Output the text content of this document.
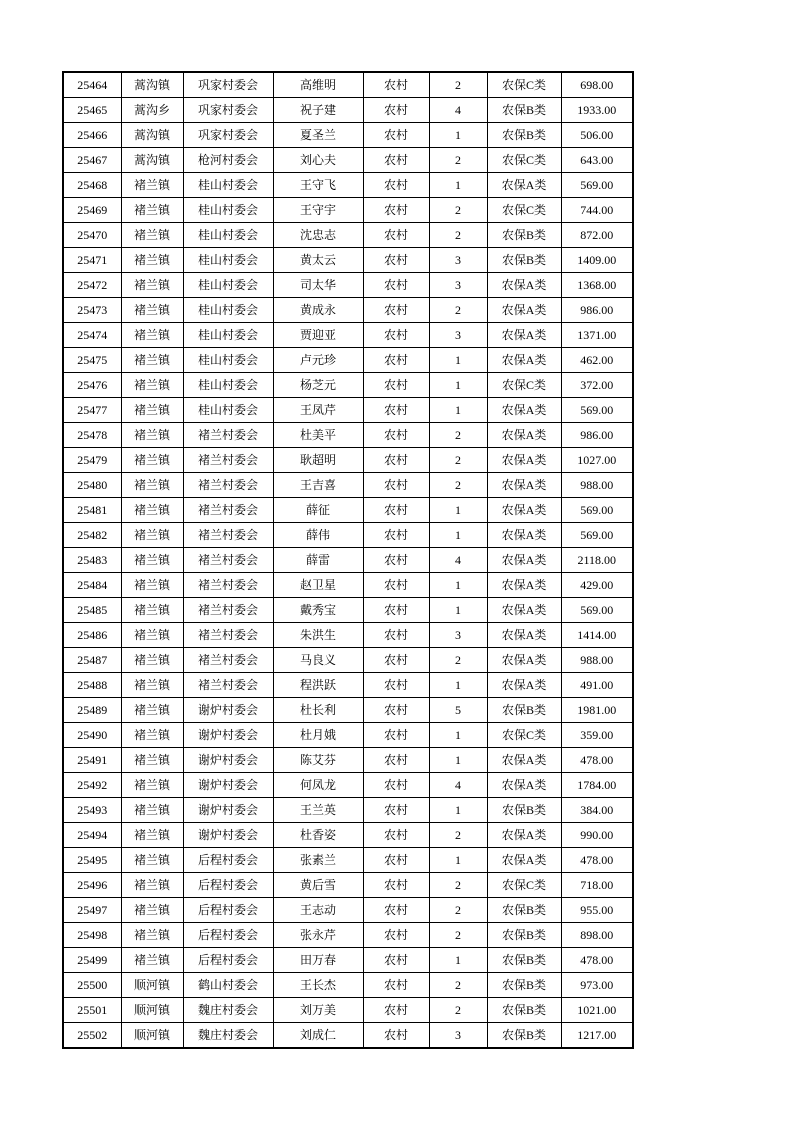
25464	蒿沟镇	巩家村委会	高维明	农村	2	农保C类	698.00
25465	蒿沟乡	巩家村委会	祝子建	农村	4	农保B类	1933.00
25466	蒿沟镇	巩家村委会	夏圣兰	农村	1	农保B类	506.00
25467	蒿沟镇	枪河村委会	刘心夫	农村	2	农保C类	643.00
25468	褚兰镇	桂山村委会	王守飞	农村	1	农保A类	569.00
25469	褚兰镇	桂山村委会	王守宇	农村	2	农保C类	744.00
25470	褚兰镇	桂山村委会	沈忠志	农村	2	农保B类	872.00
25471	褚兰镇	桂山村委会	黄太云	农村	3	农保B类	1409.00
25472	褚兰镇	桂山村委会	司太华	农村	3	农保A类	1368.00
25473	褚兰镇	桂山村委会	黄成永	农村	2	农保A类	986.00
25474	褚兰镇	桂山村委会	贾迎亚	农村	3	农保A类	1371.00
25475	褚兰镇	桂山村委会	卢元珍	农村	1	农保A类	462.00
25476	褚兰镇	桂山村委会	杨芝元	农村	1	农保C类	372.00
25477	褚兰镇	桂山村委会	王凤芹	农村	1	农保A类	569.00
25478	褚兰镇	褚兰村委会	杜美平	农村	2	农保A类	986.00
25479	褚兰镇	褚兰村委会	耿超明	农村	2	农保A类	1027.00
25480	褚兰镇	褚兰村委会	王吉喜	农村	2	农保A类	988.00
25481	褚兰镇	褚兰村委会	薛征	农村	1	农保A类	569.00
25482	褚兰镇	褚兰村委会	薛伟	农村	1	农保A类	569.00
25483	褚兰镇	褚兰村委会	薛雷	农村	4	农保A类	2118.00
25484	褚兰镇	褚兰村委会	赵卫星	农村	1	农保A类	429.00
25485	褚兰镇	褚兰村委会	戴秀宝	农村	1	农保A类	569.00
25486	褚兰镇	褚兰村委会	朱洪生	农村	3	农保A类	1414.00
25487	褚兰镇	褚兰村委会	马良义	农村	2	农保A类	988.00
25488	褚兰镇	褚兰村委会	程洪跃	农村	1	农保A类	491.00
25489	褚兰镇	谢炉村委会	杜长利	农村	5	农保B类	1981.00
25490	褚兰镇	谢炉村委会	杜月娥	农村	1	农保C类	359.00
25491	褚兰镇	谢炉村委会	陈艾芬	农村	1	农保A类	478.00
25492	褚兰镇	谢炉村委会	何凤龙	农村	4	农保A类	1784.00
25493	褚兰镇	谢炉村委会	王兰英	农村	1	农保B类	384.00
25494	褚兰镇	谢炉村委会	杜香姿	农村	2	农保A类	990.00
25495	褚兰镇	后程村委会	张素兰	农村	1	农保A类	478.00
25496	褚兰镇	后程村委会	黄后雪	农村	2	农保C类	718.00
25497	褚兰镇	后程村委会	王志动	农村	2	农保B类	955.00
25498	褚兰镇	后程村委会	张永芹	农村	2	农保B类	898.00
25499	褚兰镇	后程村委会	田万春	农村	1	农保B类	478.00
25500	顺河镇	鹤山村委会	王长杰	农村	2	农保B类	973.00
25501	顺河镇	魏庄村委会	刘万美	农村	2	农保B类	1021.00
25502	顺河镇	魏庄村委会	刘成仁	农村	3	农保B类	1217.00
